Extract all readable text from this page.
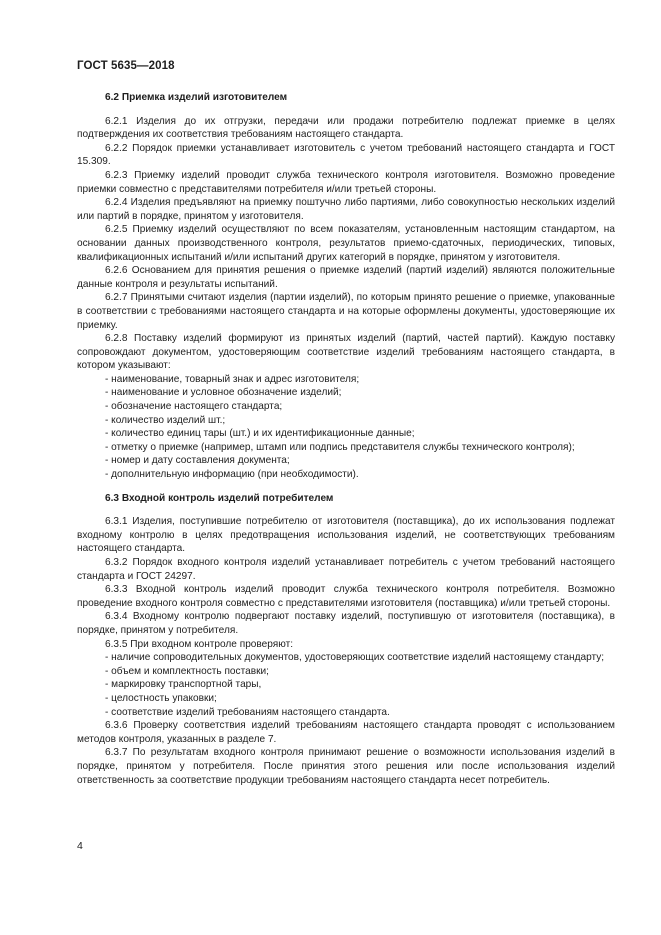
ГОСТ 5635—2018
6.2 Приемка изделий изготовителем

6.2.1 Изделия до их отгрузки, передачи или продажи потребителю подлежат приемке в целях подтверждения их соответствия требованиям настоящего стандарта.

6.2.2 Порядок приемки устанавливает изготовитель с учетом требований настоящего стандарта и ГОСТ 15.309.

6.2.3 Приемку изделий проводит служба технического контроля изготовителя. Возможно проведение приемки совместно с представителями потребителя и/или третьей стороны.

6.2.4 Изделия предъявляют на приемку поштучно либо партиями, либо совокупностью нескольких изделий или партий в порядке, принятом у изготовителя.

6.2.5 Приемку изделий осуществляют по всем показателям, установленным настоящим стандартом, на основании данных производственного контроля, результатов приемо-сдаточных, периодических, типовых, квалификационных испытаний и/или испытаний других категорий в порядке, принятом у изготовителя.

6.2.6 Основанием для принятия решения о приемке изделий (партий изделий) являются положительные данные контроля и результаты испытаний.

6.2.7 Принятыми считают изделия (партии изделий), по которым принято решение о приемке, упакованные в соответствии с требованиями настоящего стандарта и на которые оформлены документы, удостоверяющие их приемку.

6.2.8 Поставку изделий формируют из принятых изделий (партий, частей партий). Каждую поставку сопровождают документом, удостоверяющим соответствие изделий требованиям настоящего стандарта, в котором указывают:

- наименование, товарный знак и адрес изготовителя;

- наименование и условное обозначение изделий;

- обозначение настоящего стандарта;

- количество изделий шт.;

- количество единиц тары (шт.) и их идентификационные данные;

- отметку о приемке (например, штамп или подпись представителя службы технического контроля);

- номер и дату составления документа;

- дополнительную информацию (при необходимости).

6.3 Входной контроль изделий потребителем

6.3.1 Изделия, поступившие потребителю от изготовителя (поставщика), до их использования подлежат входному контролю в целях предотвращения использования изделий, не соответствующих требованиям настоящего стандарта.

6.3.2 Порядок входного контроля изделий устанавливает потребитель с учетом требований настоящего стандарта и ГОСТ 24297.

6.3.3 Входной контроль изделий проводит служба технического контроля потребителя. Возможно проведение входного контроля совместно с представителями изготовителя (поставщика) и/или третьей стороны.

6.3.4 Входному контролю подвергают поставку изделий, поступившую от изготовителя (поставщика), в порядке, принятом у потребителя.

6.3.5 При входном контроле проверяют:

- наличие сопроводительных документов, удостоверяющих соответствие изделий настоящему стандарту;

- объем и комплектность поставки;

- маркировку транспортной тары,

- целостность упаковки;

- соответствие изделий требованиям настоящего стандарта.

6.3.6 Проверку соответствия изделий требованиям настоящего стандарта проводят с использованием методов контроля, указанных в разделе 7.

6.3.7 По результатам входного контроля принимают решение о возможности использования изделий в порядке, принятом у потребителя. После принятия этого решения или после использования изделий ответственность за соответствие продукции требованиям настоящего стандарта несет потребитель.

4
